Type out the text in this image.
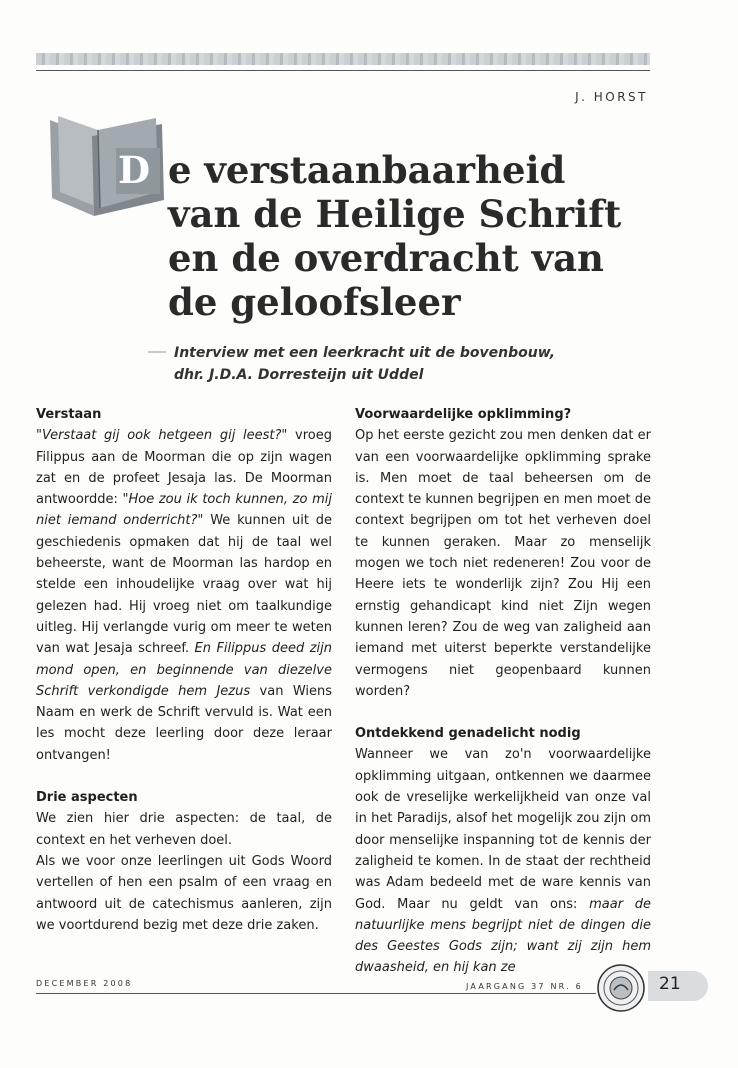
J. HORST
D e verstaanbaarheid
van de Heilige Schrift
en de overdracht van
de geloofsleer

Interview met een leerkracht uit de bovenbouw,
dhr. J.D.A. Dorresteijn uit Uddel

Verstaan

"Verstaat gij ook hetgeen gij leest?" vroeg Filippus aan de Moorman die op zijn wagen zat en de profeet Jesaja las. De Moorman antwoordde: "Hoe zou ik toch kunnen, zo mij niet iemand onderricht?" We kunnen uit de geschiedenis opmaken dat hij de taal wel beheerste, want de Moorman las hardop en stelde een inhoudelijke vraag over wat hij gelezen had. Hij vroeg niet om taalkundige uitleg. Hij verlangde vurig om meer te weten van wat Jesaja schreef. En Filippus deed zijn mond open, en beginnende van diezelve Schrift verkondigde hem Jezus van Wiens Naam en werk de Schrift vervuld is. Wat een les mocht deze leerling door deze leraar ontvangen!

Drie aspecten

We zien hier drie aspecten: de taal, de context en het verheven doel.

Als we voor onze leerlingen uit Gods Woord vertellen of hen een psalm of een vraag en antwoord uit de catechismus aanleren, zijn we voortdurend bezig met deze drie zaken.

Voorwaardelijke opklimming?

Op het eerste gezicht zou men denken dat er van een voorwaardelijke opklimming sprake is. Men moet de taal beheersen om de context te kunnen begrijpen en men moet de context begrijpen om tot het verheven doel te kunnen geraken. Maar zo menselijk mogen we toch niet redeneren! Zou voor de Heere iets te wonderlijk zijn? Zou Hij een ernstig gehandicapt kind niet Zijn wegen kunnen leren? Zou de weg van zaligheid aan iemand met uiterst beperkte verstandelijke vermogens niet geopenbaard kunnen worden?

Ontdekkend genadelicht nodig

Wanneer we van zo'n voorwaardelijke opklimming uitgaan, ontkennen we daarmee ook de vreselijke werkelijkheid van onze val in het Paradijs, alsof het mogelijk zou zijn om door menselijke inspanning tot de kennis der zaligheid te komen. In de staat der rechtheid was Adam bedeeld met de ware kennis van God. Maar nu geldt van ons: maar de natuurlijke mens begrijpt niet de dingen die des Geestes Gods zijn; want zij zijn hem dwaasheid, en hij kan ze

DECEMBER 2008	JAARGANG 37 NR. 6	21
